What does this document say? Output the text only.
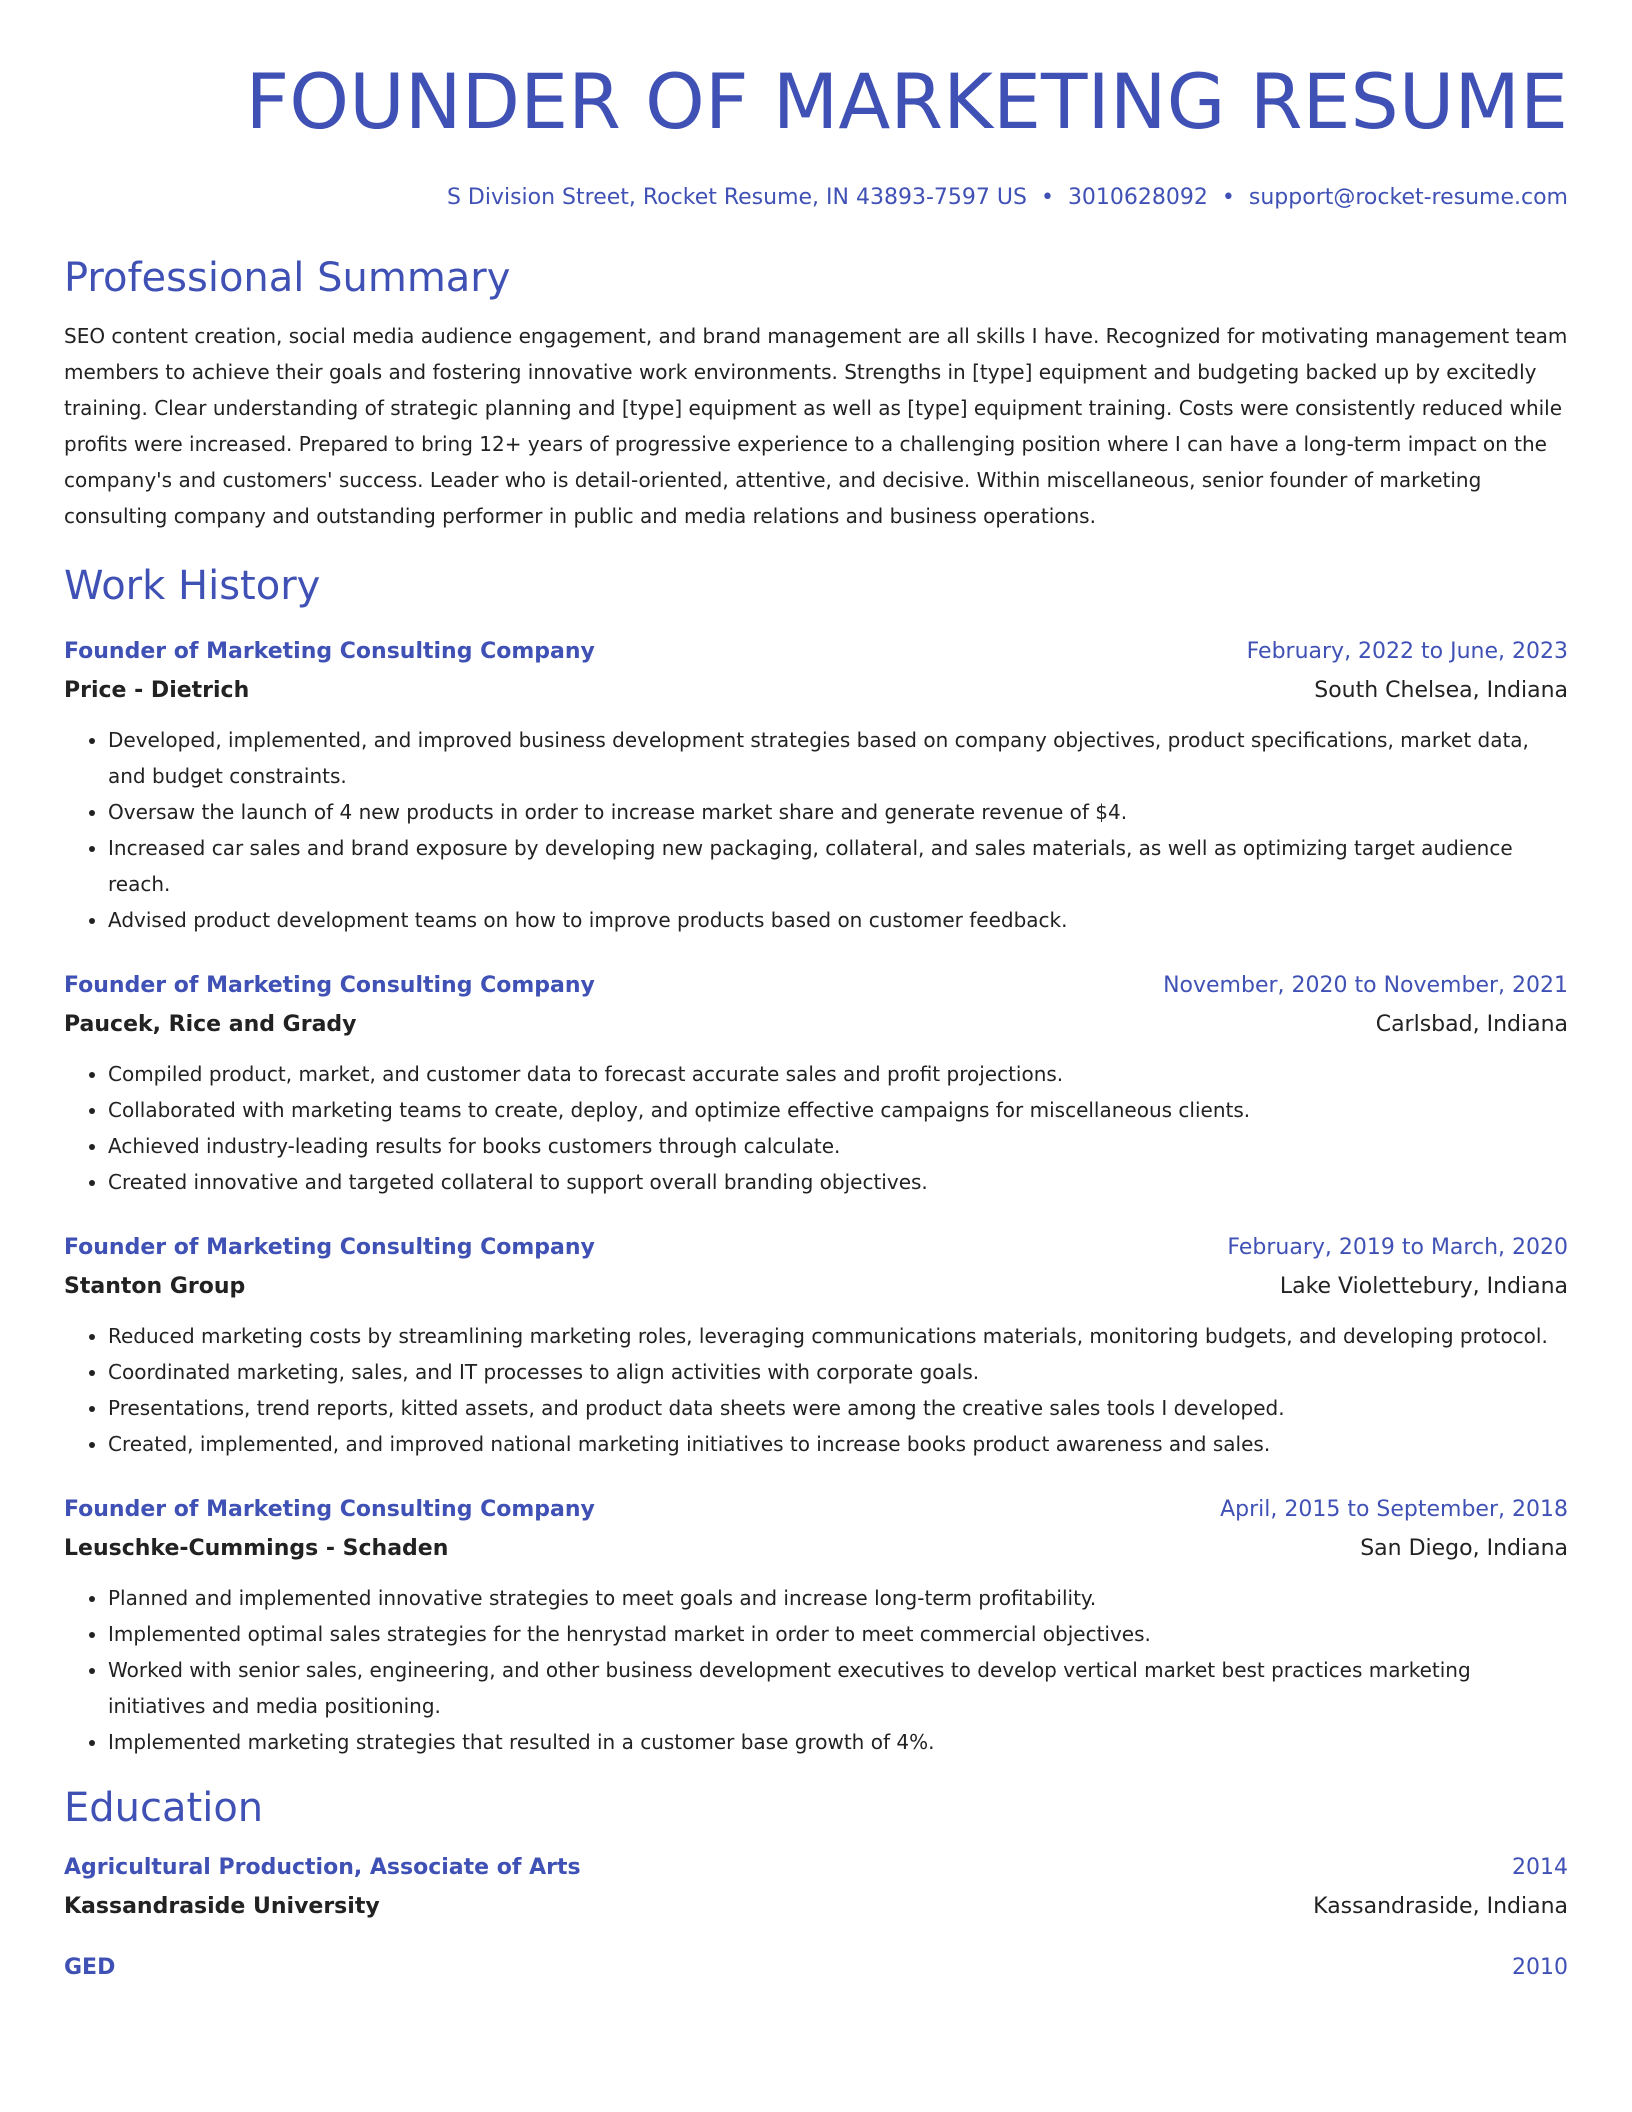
FOUNDER OF MARKETING RESUME
S Division Street, Rocket Resume, IN 43893-7597 US • 3010628092 • support@rocket-resume.com
Professional Summary

SEO content creation, social media audience engagement, and brand management are all skills I have. Recognized for motivating management team members to achieve their goals and fostering innovative work environments. Strengths in [type] equipment and budgeting backed up by excitedly training. Clear understanding of strategic planning and [type] equipment as well as [type] equipment training. Costs were consistently reduced while profits were increased. Prepared to bring 12+ years of progressive experience to a challenging position where I can have a long-term impact on the company's and customers' success. Leader who is detail-oriented, attentive, and decisive. Within miscellaneous, senior founder of marketing consulting company and outstanding performer in public and media relations and business operations.

Work History
Founder of Marketing Consulting Company	February, 2022 to June, 2023
Price - Dietrich	South Chelsea, Indiana
• Developed, implemented, and improved business development strategies based on company objectives, product specifications, market data, and budget constraints.
• Oversaw the launch of 4 new products in order to increase market share and generate revenue of $4.
• Increased car sales and brand exposure by developing new packaging, collateral, and sales materials, as well as optimizing target audience reach.
• Advised product development teams on how to improve products based on customer feedback.
Founder of Marketing Consulting Company	November, 2020 to November, 2021
Paucek, Rice and Grady	Carlsbad, Indiana
• Compiled product, market, and customer data to forecast accurate sales and profit projections.
• Collaborated with marketing teams to create, deploy, and optimize effective campaigns for miscellaneous clients.
• Achieved industry-leading results for books customers through calculate.
• Created innovative and targeted collateral to support overall branding objectives.
Founder of Marketing Consulting Company	February, 2019 to March, 2020
Stanton Group	Lake Violettebury, Indiana
• Reduced marketing costs by streamlining marketing roles, leveraging communications materials, monitoring budgets, and developing protocol.
• Coordinated marketing, sales, and IT processes to align activities with corporate goals.
• Presentations, trend reports, kitted assets, and product data sheets were among the creative sales tools I developed.
• Created, implemented, and improved national marketing initiatives to increase books product awareness and sales.
Founder of Marketing Consulting Company	April, 2015 to September, 2018
Leuschke-Cummings - Schaden	San Diego, Indiana
• Planned and implemented innovative strategies to meet goals and increase long-term profitability.
• Implemented optimal sales strategies for the henrystad market in order to meet commercial objectives.
• Worked with senior sales, engineering, and other business development executives to develop vertical market best practices marketing initiatives and media positioning.
• Implemented marketing strategies that resulted in a customer base growth of 4%.
Education
Agricultural Production, Associate of Arts	2014
Kassandraside University	Kassandraside, Indiana
GED	2010
